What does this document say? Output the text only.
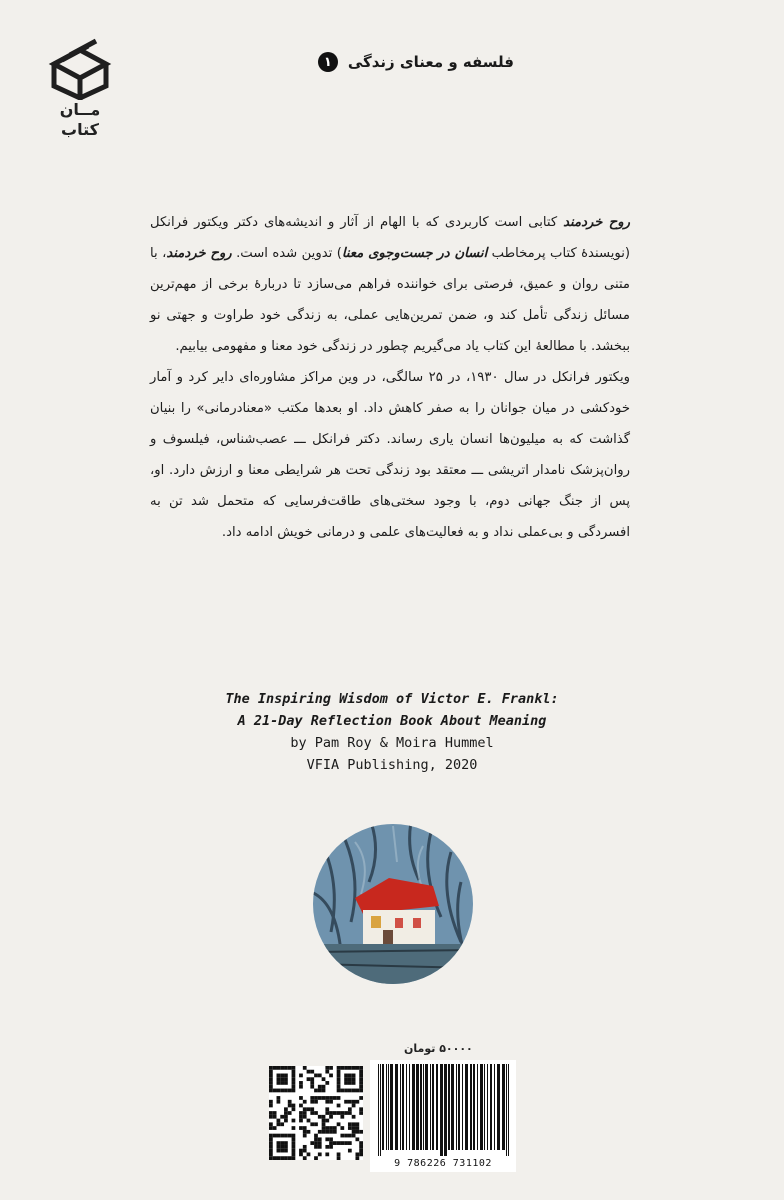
مــان
کتاب
۱	فلسفه و معنای زندگی

روح خردمند کتابی است کاربردی که با الهام از آثار و اندیشه‌های دکتر ویکتور فرانکل (نویسندهٔ کتاب پرمخاطب انسان در جست‌وجوی معنا) تدوین شده است. روح خردمند، با متنی روان و عمیق، فرصتی برای خواننده فراهم می‌سازد تا دربارهٔ برخی از مهم‌ترین مسائل زندگی تأمل کند و، ضمن تمرین‌هایی عملی، به زندگی خود طراوت و جهتی نو ببخشد. با مطالعهٔ این کتاب یاد می‌گیریم چطور در زندگی خود معنا و مفهومی بیابیم.

ویکتور فرانکل در سال ۱۹۳۰، در ۲۵ سالگی، در وین مراکز مشاوره‌ای دایر کرد و آمار خودکشی در میان جوانان را به صفر کاهش داد. او بعدها مکتب «معنادرمانی» را بنیان گذاشت که به میلیون‌ها انسان یاری رساند. دکتر فرانکل ـــ عصب‌شناس، فیلسوف و روان‌پزشک نامدار اتریشی ـــ معتقد بود زندگی تحت هر شرایطی معنا و ارزش دارد. او، پس از جنگ جهانی دوم، با وجود سختی‌های طاقت‌فرسایی که متحمل شد تن به افسردگی و بی‌عملی نداد و به فعالیت‌های علمی و درمانی خویش ادامه داد.

The Inspiring Wisdom of Victor E. Frankl:
A 21-Day Reflection Book About Meaning
by Pam Roy & Moira Hummel
VFIA Publishing, 2020
۵۰۰۰۰ تومان
9 786226 731102
